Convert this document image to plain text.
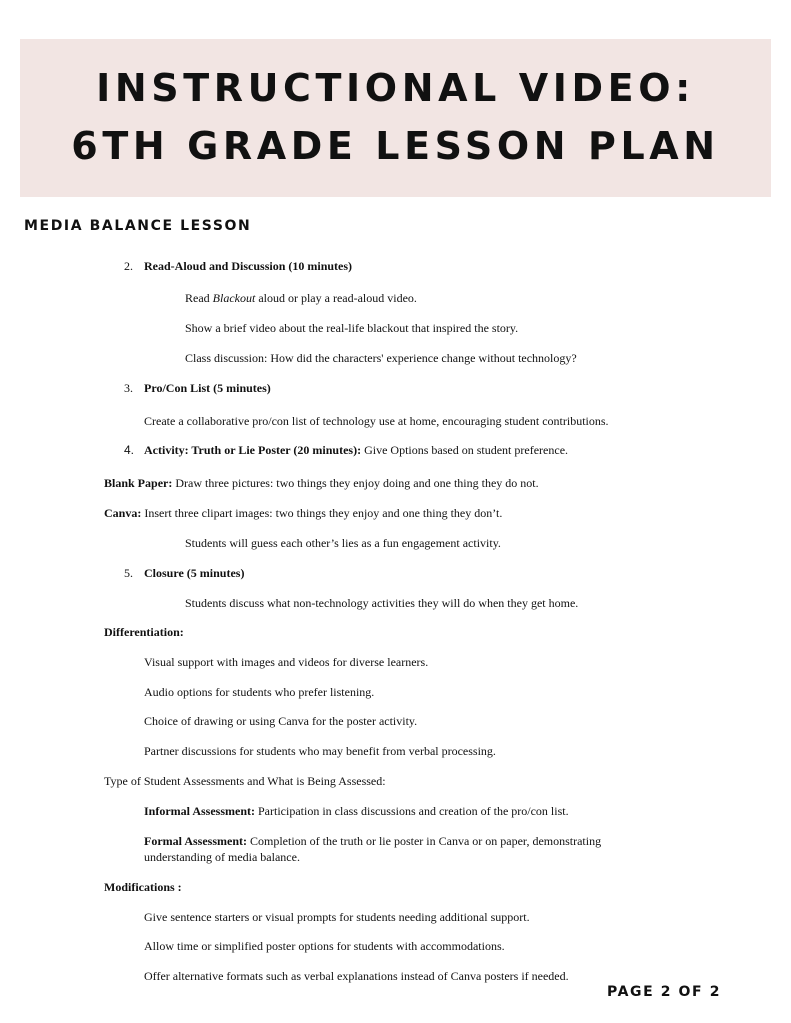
INSTRUCTIONAL VIDEO:
6TH GRADE LESSON PLAN
MEDIA BALANCE LESSON
2. Read-Aloud and Discussion (10 minutes)
Read Blackout aloud or play a read-aloud video.
Show a brief video about the real-life blackout that inspired the story.
Class discussion: How did the characters' experience change without technology?
3. Pro/Con List (5 minutes)
Create a collaborative pro/con list of technology use at home, encouraging student contributions.
4. Activity: Truth or Lie Poster (20 minutes): Give Options based on student preference.
Blank Paper: Draw three pictures: two things they enjoy doing and one thing they do not.
Canva: Insert three clipart images: two things they enjoy and one thing they don’t.
Students will guess each other’s lies as a fun engagement activity.
5. Closure (5 minutes)
Students discuss what non-technology activities they will do when they get home.
Differentiation:
Visual support with images and videos for diverse learners.
Audio options for students who prefer listening.
Choice of drawing or using Canva for the poster activity.
Partner discussions for students who may benefit from verbal processing.
Type of Student Assessments and What is Being Assessed:
Informal Assessment: Participation in class discussions and creation of the pro/con list.
Formal Assessment: Completion of the truth or lie poster in Canva or on paper, demonstrating
understanding of media balance.
Modifications :
Give sentence starters or visual prompts for students needing additional support.
Allow time or simplified poster options for students with accommodations.
Offer alternative formats such as verbal explanations instead of Canva posters if needed.
PAGE 2 OF 2
